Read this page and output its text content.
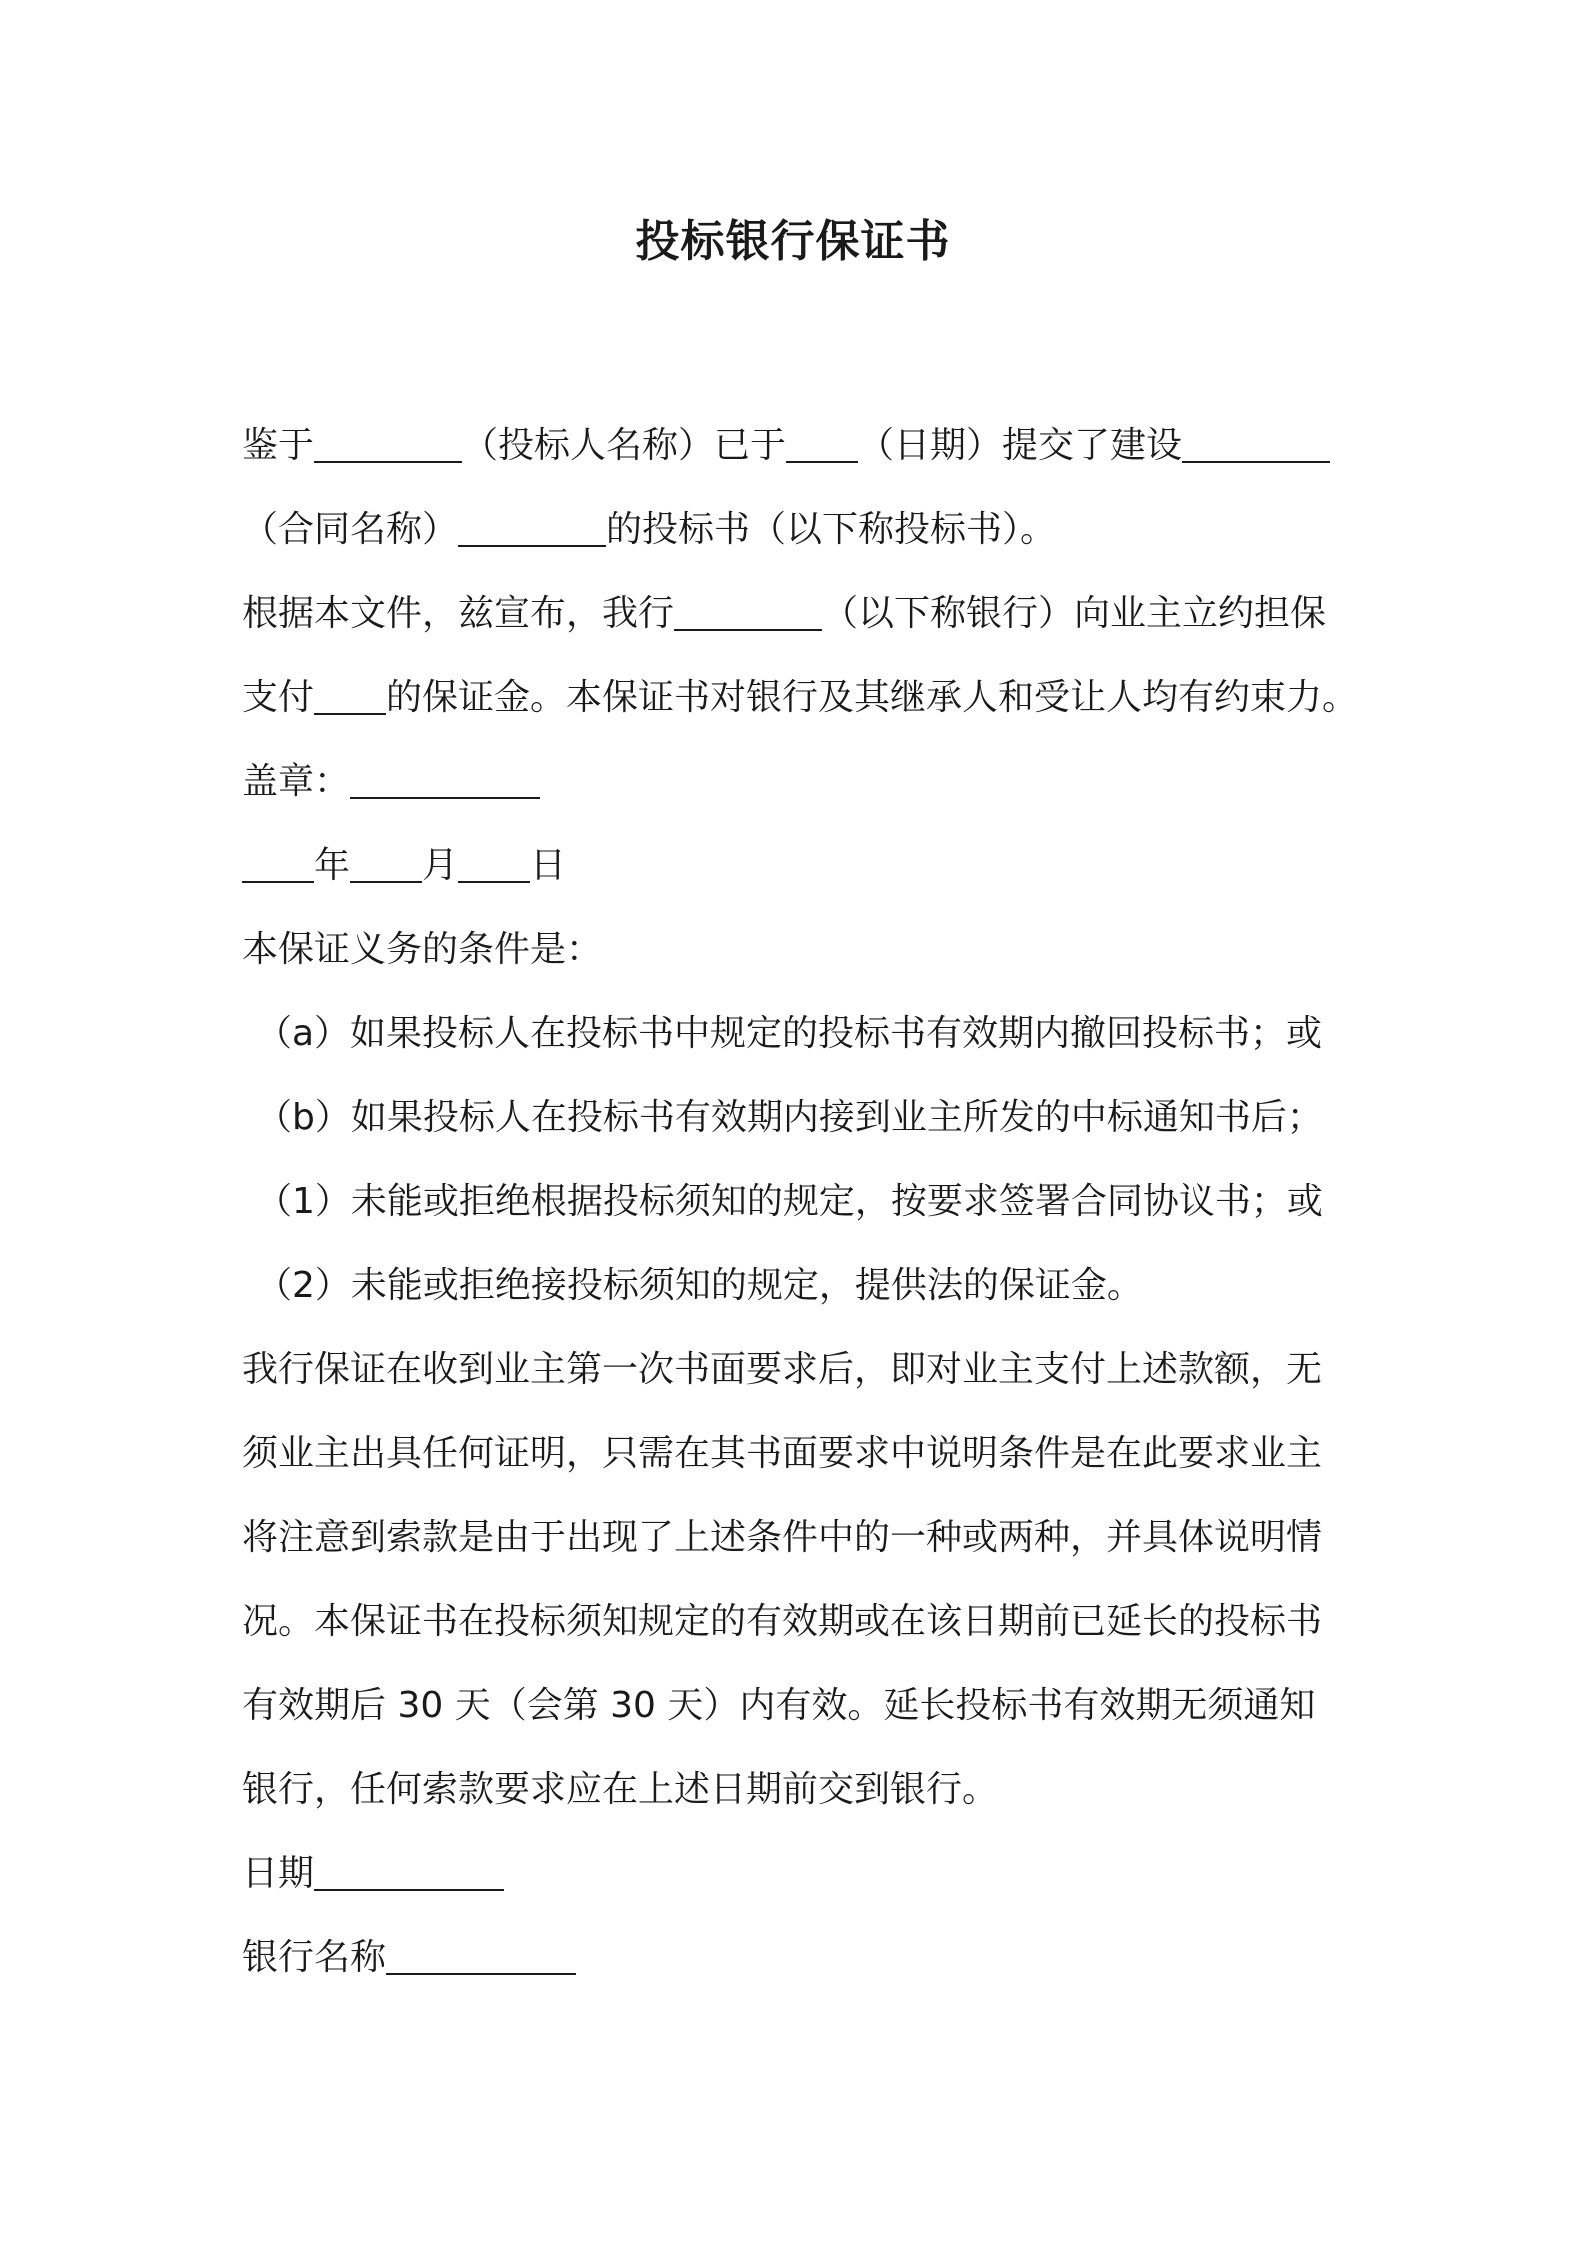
投标银行保证书
鉴于	（投标人名称）已于 （日期）提交了建设
（合同名称）	的投标书（以下称投标书）。
根据本文件，兹宣布，我行	（以下称银行）向业主立约担保
支付 的保证金。本保证书对银行及其继承人和受让人均有约束力。
盖章：
年 月 日
本保证义务的条件是：
（a）如果投标人在投标书中规定的投标书有效期内撤回投标书；或
（b）如果投标人在投标书有效期内接到业主所发的中标通知书后；
（1）未能或拒绝根据投标须知的规定，按要求签署合同协议书；或
（2）未能或拒绝接投标须知的规定，提供法的保证金。
我行保证在收到业主第一次书面要求后，即对业主支付上述款额，无
须业主出具任何证明，只需在其书面要求中说明条件是在此要求业主
将注意到索款是由于出现了上述条件中的一种或两种，并具体说明情
况。本保证书在投标须知规定的有效期或在该日期前已延长的投标书
有效期后 30 天（会第 30 天）内有效。延长投标书有效期无须通知
银行，任何索款要求应在上述日期前交到银行。
日期
银行名称
